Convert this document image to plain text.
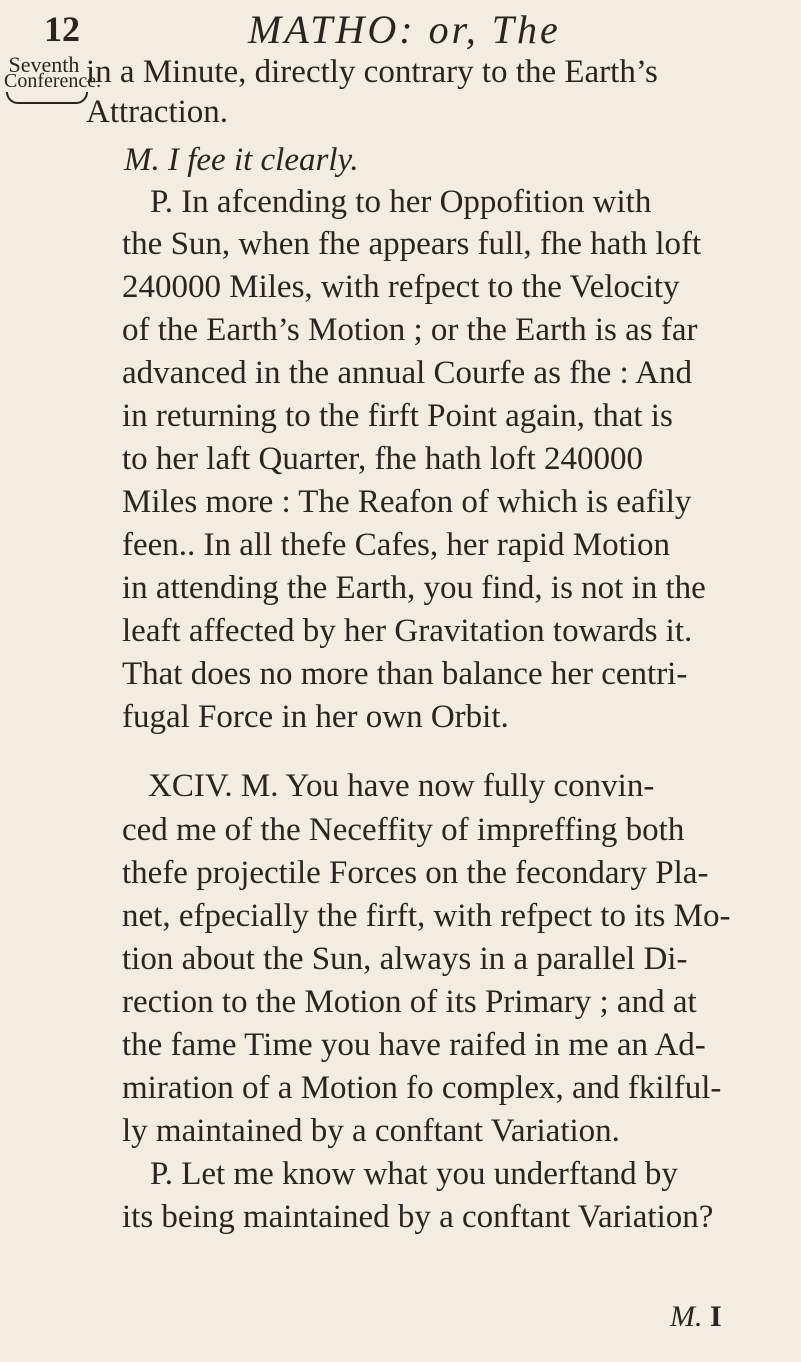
12	MATHO: or, The
Seventh
Conference.
in a Minute, directly contrary to the Earth’s
Attraction.
M. I fee it clearly.
P. In afcending to her Oppofition with
the Sun, when fhe appears full, fhe hath loft
240000 Miles, with refpect to the Velocity
of the Earth’s Motion ; or the Earth is as far
advanced in the annual Courfe as fhe : And
in returning to the firft Point again, that is
to her laft Quarter, fhe hath loft 240000
Miles more : The Reafon of which is eafily
feen.. In all thefe Cafes, her rapid Motion
in attending the Earth, you find, is not in the
leaft affected by her Gravitation towards it.
That does no more than balance her centri-
fugal Force in her own Orbit.
XCIV. M. You have now fully convin-
ced me of the Neceffity of impreffing both
thefe projectile Forces on the fecondary Pla-
net, efpecially the firft, with refpect to its Mo-
tion about the Sun, always in a parallel Di-
rection to the Motion of its Primary ; and at
the fame Time you have raifed in me an Ad-
miration of a Motion fo complex, and fkilful-
ly maintained by a conftant Variation.
P. Let me know what you underftand by
its being maintained by a conftant Variation?
M. I
